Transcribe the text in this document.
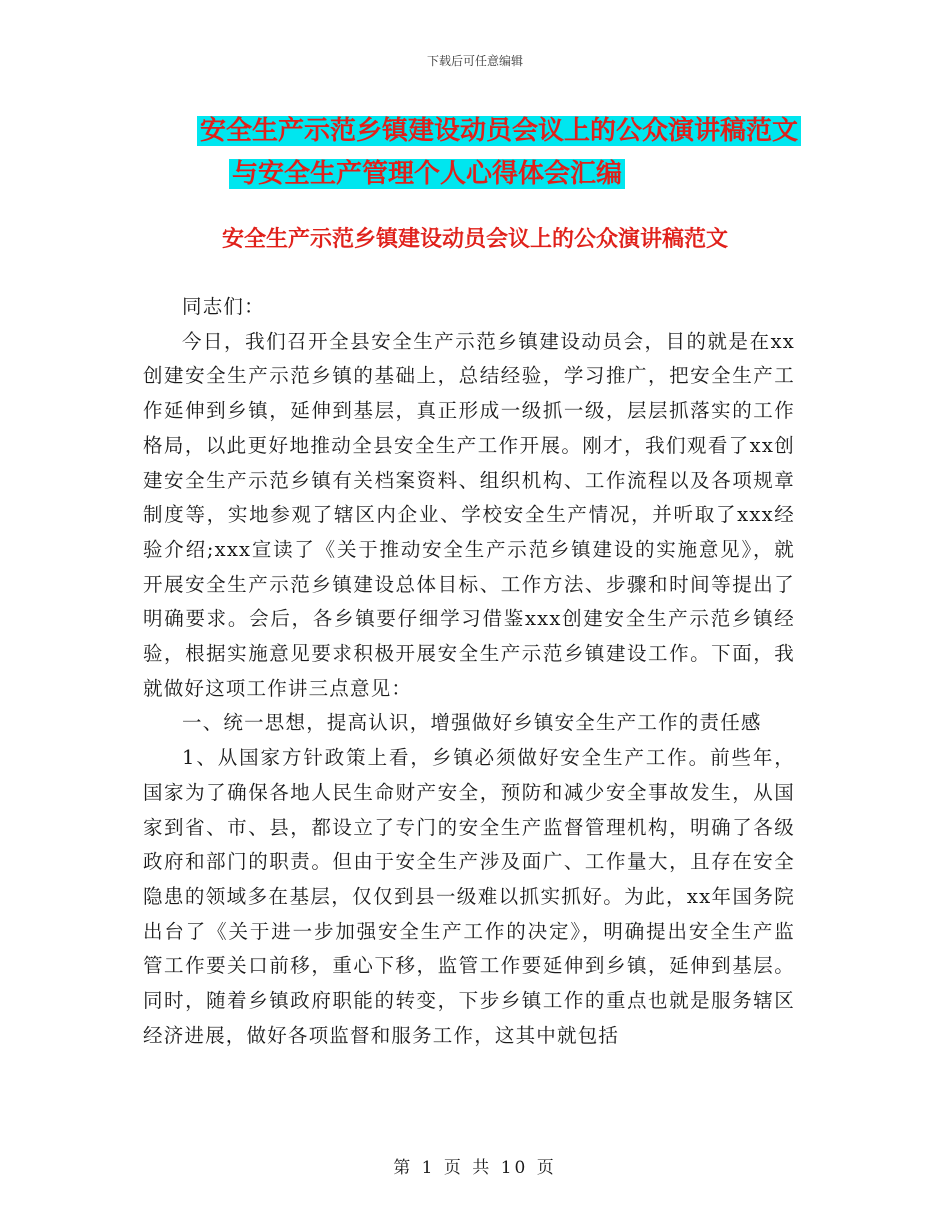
下载后可任意编辑
安全生产示范乡镇建设动员会议上的公众演讲稿范文
与安全生产管理个人心得体会汇编
安全生产示范乡镇建设动员会议上的公众演讲稿范文

同志们：

今日，我们召开全县安全生产示范乡镇建设动员会，目的就是在xx创建安全生产示范乡镇的基础上，总结经验，学习推广，把安全生产工作延伸到乡镇，延伸到基层，真正形成一级抓一级，层层抓落实的工作格局，以此更好地推动全县安全生产工作开展。刚才，我们观看了xx创建安全生产示范乡镇有关档案资料、组织机构、工作流程以及各项规章制度等，实地参观了辖区内企业、学校安全生产情况，并听取了xxx经验介绍;xxx宣读了《关于推动安全生产示范乡镇建设的实施意见》，就开展安全生产示范乡镇建设总体目标、工作方法、步骤和时间等提出了明确要求。会后，各乡镇要仔细学习借鉴xxx创建安全生产示范乡镇经验，根据实施意见要求积极开展安全生产示范乡镇建设工作。下面，我就做好这项工作讲三点意见：

一、统一思想，提高认识，增强做好乡镇安全生产工作的责任感

1、从国家方针政策上看，乡镇必须做好安全生产工作。前些年，国家为了确保各地人民生命财产安全，预防和减少安全事故发生，从国家到省、市、县，都设立了专门的安全生产监督管理机构，明确了各级政府和部门的职责。但由于安全生产涉及面广、工作量大，且存在安全隐患的领域多在基层，仅仅到县一级难以抓实抓好。为此，xx年国务院出台了《关于进一步加强安全生产工作的决定》，明确提出安全生产监管工作要关口前移，重心下移，监管工作要延伸到乡镇，延伸到基层。同时，随着乡镇政府职能的转变，下步乡镇工作的重点也就是服务辖区经济进展，做好各项监督和服务工作，这其中就包括

第 1 页 共 10 页
